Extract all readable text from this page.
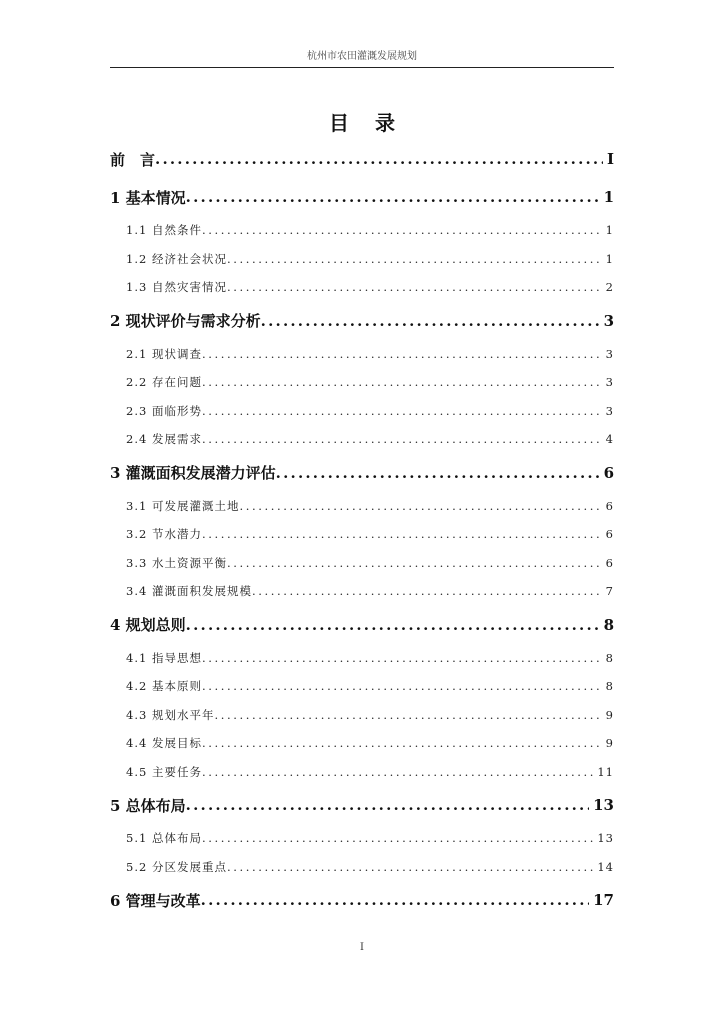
杭州市农田灌溉发展规划
目 录
前　言 .....	I
1 基本情况 .....	1
1.1 自然条件 .....	1
1.2 经济社会状况 .....	1
1.3 自然灾害情况 .....	2
2 现状评价与需求分析 .....	3
2.1 现状调查 .....	3
2.2 存在问题 .....	3
2.3 面临形势 .....	3
2.4 发展需求 .....	4
3 灌溉面积发展潜力评估 .....	6
3.1 可发展灌溉土地 .....	6
3.2 节水潜力 .....	6
3.3 水土资源平衡 .....	6
3.4 灌溉面积发展规模 .....	7
4 规划总则 .....	8
4.1 指导思想 .....	8
4.2 基本原则 .....	8
4.3 规划水平年 .....	9
4.4 发展目标 .....	9
4.5 主要任务 .....	11
5 总体布局 .....	13
5.1 总体布局 .....	13
5.2 分区发展重点 .....	14
6 管理与改革 .....	17
I
